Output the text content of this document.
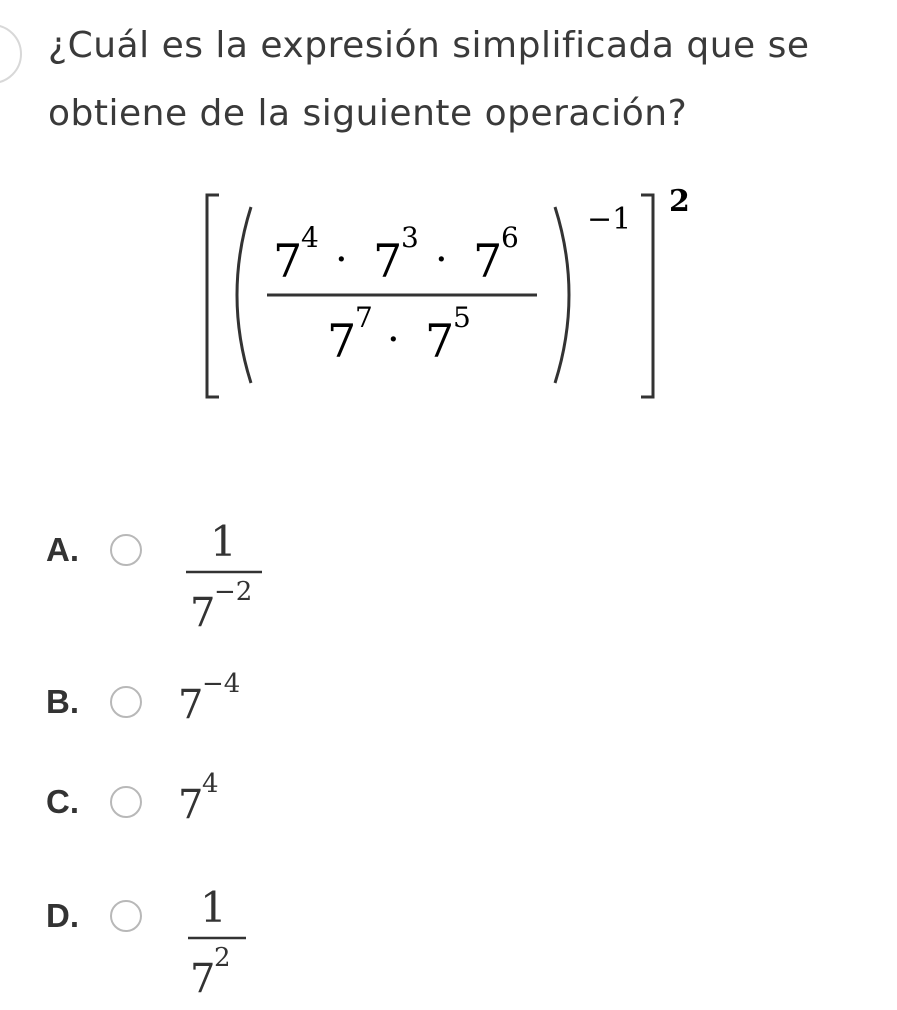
¿Cuál es la expresión simplificada que se obtiene de la siguiente operación?

7
4 · 7
3 · 7
6
7
7 · 7
5
−1
2
A.	1
7
−2
B. 7
−4
C. 7
4
D.	1
7
2
